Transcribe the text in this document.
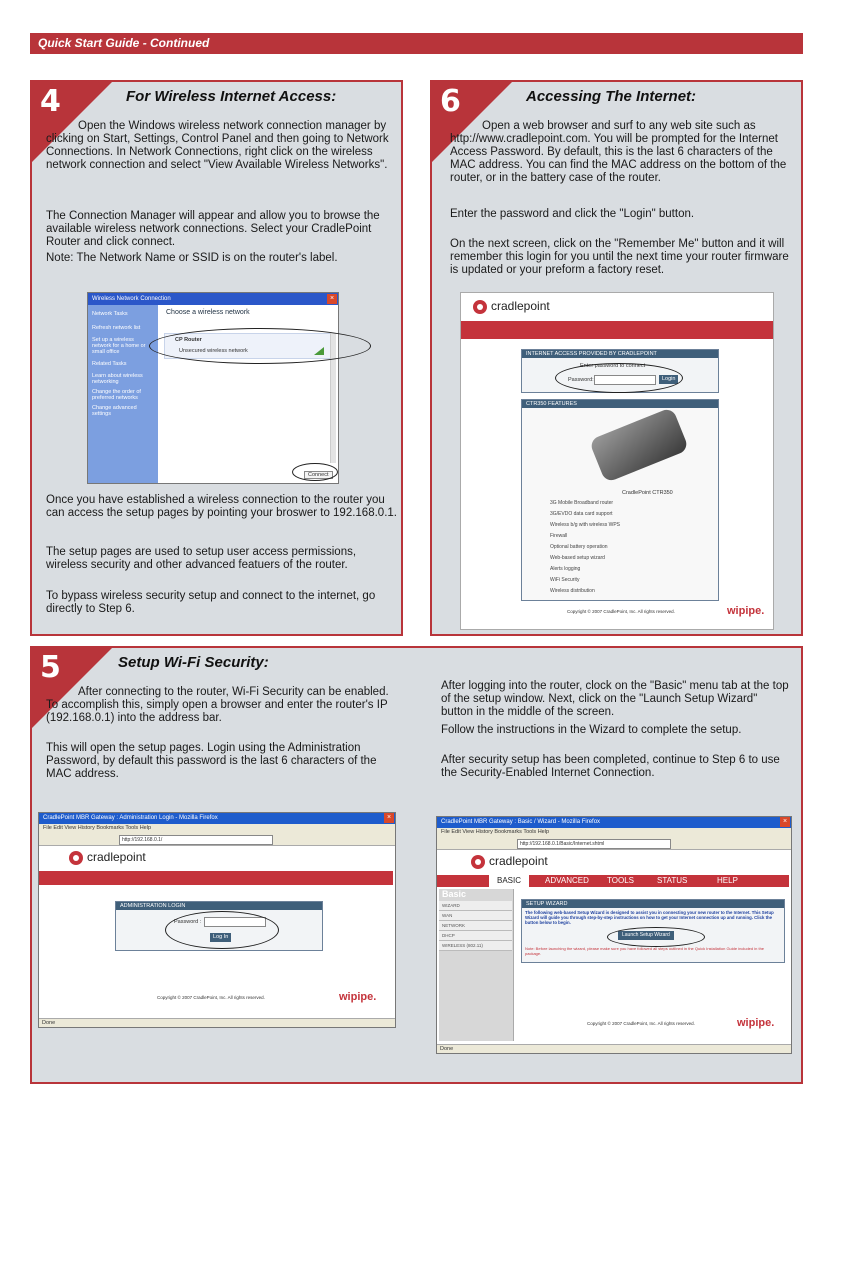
Quick Start Guide - Continued
4	For Wireless Internet Access:
Open the Windows wireless network connection manager by clicking on Start, Settings, Control Panel and then going to Network Connections. In Network Connections, right click on the wireless network connection and select "View Available Wireless Networks".
The Connection Manager will appear and allow you to browse the available wireless network connections. Select your CradlePoint Router and click connect.
Note: The Network Name or SSID is on the router's label.
Wireless Network Connection	×
Network Tasks
Refresh network list
Set up a wireless network for a home or small office
Related Tasks
Learn about wireless networking
Change the order of preferred networks
Change advanced settings
Choose a wireless network
CP Router
Unsecured wireless network
Connect
Once you have established a wireless connection to the router you can access the setup pages by pointing your broswer to 192.168.0.1.
The setup pages are used to setup user access permissions, wireless security and other advanced featuers of the router.
To bypass wireless security setup and connect to the internet, go directly to Step 6.
6	Accessing The Internet:
Open a web browser and surf to any web site such as http://www.cradlepoint.com. You will be prompted for the Internet Access Password. By default, this is the last 6 characters of the MAC address. You can find the MAC address on the bottom of the router, or in the battery case of the router.
Enter the password and click the "Login" button.
On the next screen, click on the "Remember Me" button and it will remember this login for you until the next time your router firmware is updated or your preform a factory reset.
cradlepoint
INTERNET ACCESS PROVIDED BY CRADLEPOINT
Enter password to connect
Password:	Login
CTR350 FEATURES
CradlePoint CTR350
3G Mobile Broadband router
3G/EVDO data card support
Wireless b/g with wireless WPS
Firewall
Optional battery operation
Web-based setup wizard
Alerts logging
WiFi Security
Wireless distribution
Copyright © 2007 CradlePoint, Inc. All rights reserved.	wipipe.
5	Setup Wi-Fi Security:
After connecting to the router, Wi-Fi Security can be enabled. To accomplish this, simply open a browser and enter the router's IP (192.168.0.1) into the address bar.
This will open the setup pages. Login using the Administration Password, by default this password is the last 6 characters of the MAC address.
After logging into the router, clock on the "Basic" menu tab at the top of the setup window. Next, click on the "Launch Setup Wizard" button in the middle of the screen.
Follow the instructions in the Wizard to complete the setup.
After security setup has been completed, continue to Step 6 to use the Security-Enabled Internet Connection.
CradlePoint MBR Gateway : Administration Login - Mozilla Firefox	×
File Edit View History Bookmarks Tools Help
http://192.168.0.1/
cradlepoint
ADMINISTRATION LOGIN
Password :
Log In
Copyright © 2007 CradlePoint, Inc. All rights reserved.	wipipe.
Done
CradlePoint MBR Gateway : Basic / Wizard - Mozilla Firefox	×
File Edit View History Bookmarks Tools Help
http://192.168.0.1/Basic/Internet.shtml
cradlepoint
BASIC	ADVANCED TOOLS	STATUS	HELP
Basic
WIZARD
WAN
NETWORK
DHCP
WIRELESS (802.11)
SETUP WIZARD
The following web-based Setup Wizard is designed to assist you in connecting your new router to the Internet. This Setup Wizard will guide you through step-by-step instructions on how to get your Internet connection up and running. Click the button below to begin.
Launch Setup Wizard
Note: Before launching the wizard, please make sure you have followed all steps outlined in the Quick Installation Guide included in the package.
Copyright © 2007 CradlePoint, Inc. All rights reserved.	wipipe.
Done
